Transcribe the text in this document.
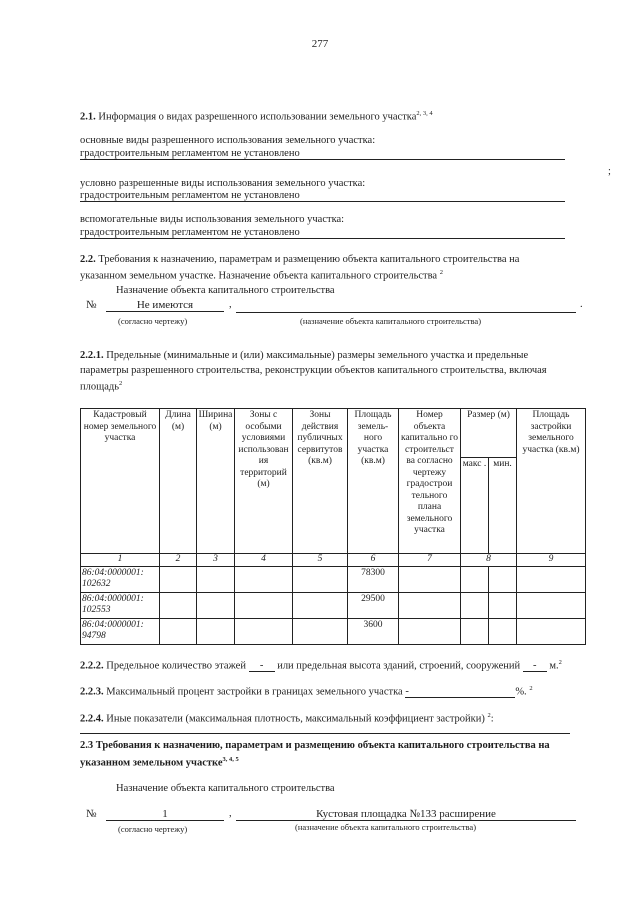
277
2.1. Информация о видах разрешенного использовании земельного участка$^{2, 3, 4}$
основные виды разрешенного использования земельного участка:
градостроительным регламентом не установлено
;
условно разрешенные виды использования земельного участка:
градостроительным регламентом не установлено
вспомогательные виды использования земельного участка:
градостроительным регламентом не установлено
2.2. Требования к назначению, параметрам и размещению объекта капитального строительства на
указанном земельном участке. Назначение объекта капитального строительства $^2$
Назначение объекта капитального строительства
№	Не имеются	,	.
(согласно чертежу)	(назначение объекта капитального строительства)
2.2.1. Предельные (минимальные и (или) максимальные) размеры земельного участка и предельные
параметры разрешенного строительства, реконструкции объектов капитального строительства, включая
площадь$^2$
Кадастровый номер земельного участка	Длина (м)	Ширина (м)	Зоны с особыми условиями использован ия территорий (м)	Зоны действия публичных сервитутов (кв.м)	Площадь земель-ного участка (кв.м)	Номер объекта капитально го строительст ва согласно чертежу градострои тельного плана земельного участка	Размер (м)		Площадь застройки земельного участка (кв.м)
							макс .	мин.	
1	2	3	4	5	6	7	8		9
86:04:0000001: 102632					78300				
86:04:0000001: 102553					29500				
86:04:0000001: 94798					3600				
2.2.2. Предельное количество этажей - или предельная высота зданий, строений, сооружений - м.$^2$
2.2.3. Максимальный процент застройки в границах земельного участка -	%. $^2$
2.2.4. Иные показатели (максимальная плотность, максимальный коэффициент застройки) $^2$:
2.3 Требования к назначению, параметрам и размещению объекта капитального строительства на
указанном земельном участке$^{3, 4, 5}$
Назначение объекта капитального строительства
№	1	,	Кустовая площадка №133 расширение
(согласно чертежу)	(назначение объекта капитального строительства)
